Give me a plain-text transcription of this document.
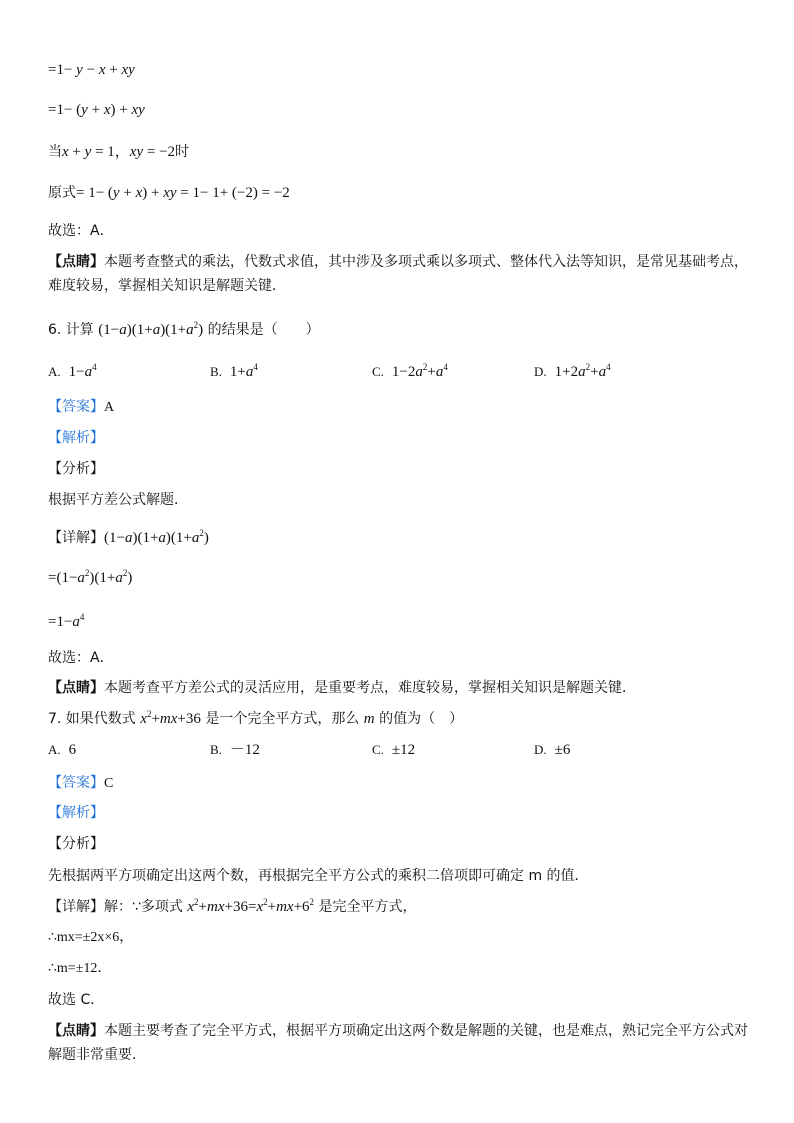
=1− y − x + xy
=1− (y + x) + xy
当x + y = 1，xy = −2时
原式= 1− (y + x) + xy = 1− 1+ (−2) = −2
故选：A．
【点睛】本题考查整式的乘法，代数式求值，其中涉及多项式乘以多项式、整体代入法等知识，是常见基础考点，难度较易，掌握相关知识是解题关键．
6. 计算 $(1-a)(1+a)(1+a^2)$ 的结果是（　　）
A. $1-a^4$	B. $1+a^4$	C. $1-2a^2+a^4$	D. $1+2a^2+a^4$
【答案】A
【解析】
【分析】
根据平方差公式解题．
【详解】$(1-a)(1+a)(1+a^2)$
$=(1-a^2)(1+a^2)$
$=1-a^4$
故选：A．
【点睛】本题考查平方差公式的灵活应用，是重要考点，难度较易，掌握相关知识是解题关键．
7. 如果代数式 $x^2+mx+36$ 是一个完全平方式，那么 m 的值为（　）
A. 6	B. －12	C. ±12	D. ±6
【答案】C
【解析】
【分析】
先根据两平方项确定出这两个数，再根据完全平方公式的乘积二倍项即可确定 m 的值．
【详解】解：∵多项式 $x^2+mx+36=x^2+mx+6^2$ 是完全平方式，
∴mx=±2x×6，
∴m=±12．
故选 C．
【点睛】本题主要考查了完全平方式，根据平方项确定出这两个数是解题的关键，也是难点，熟记完全平方公式对解题非常重要．
